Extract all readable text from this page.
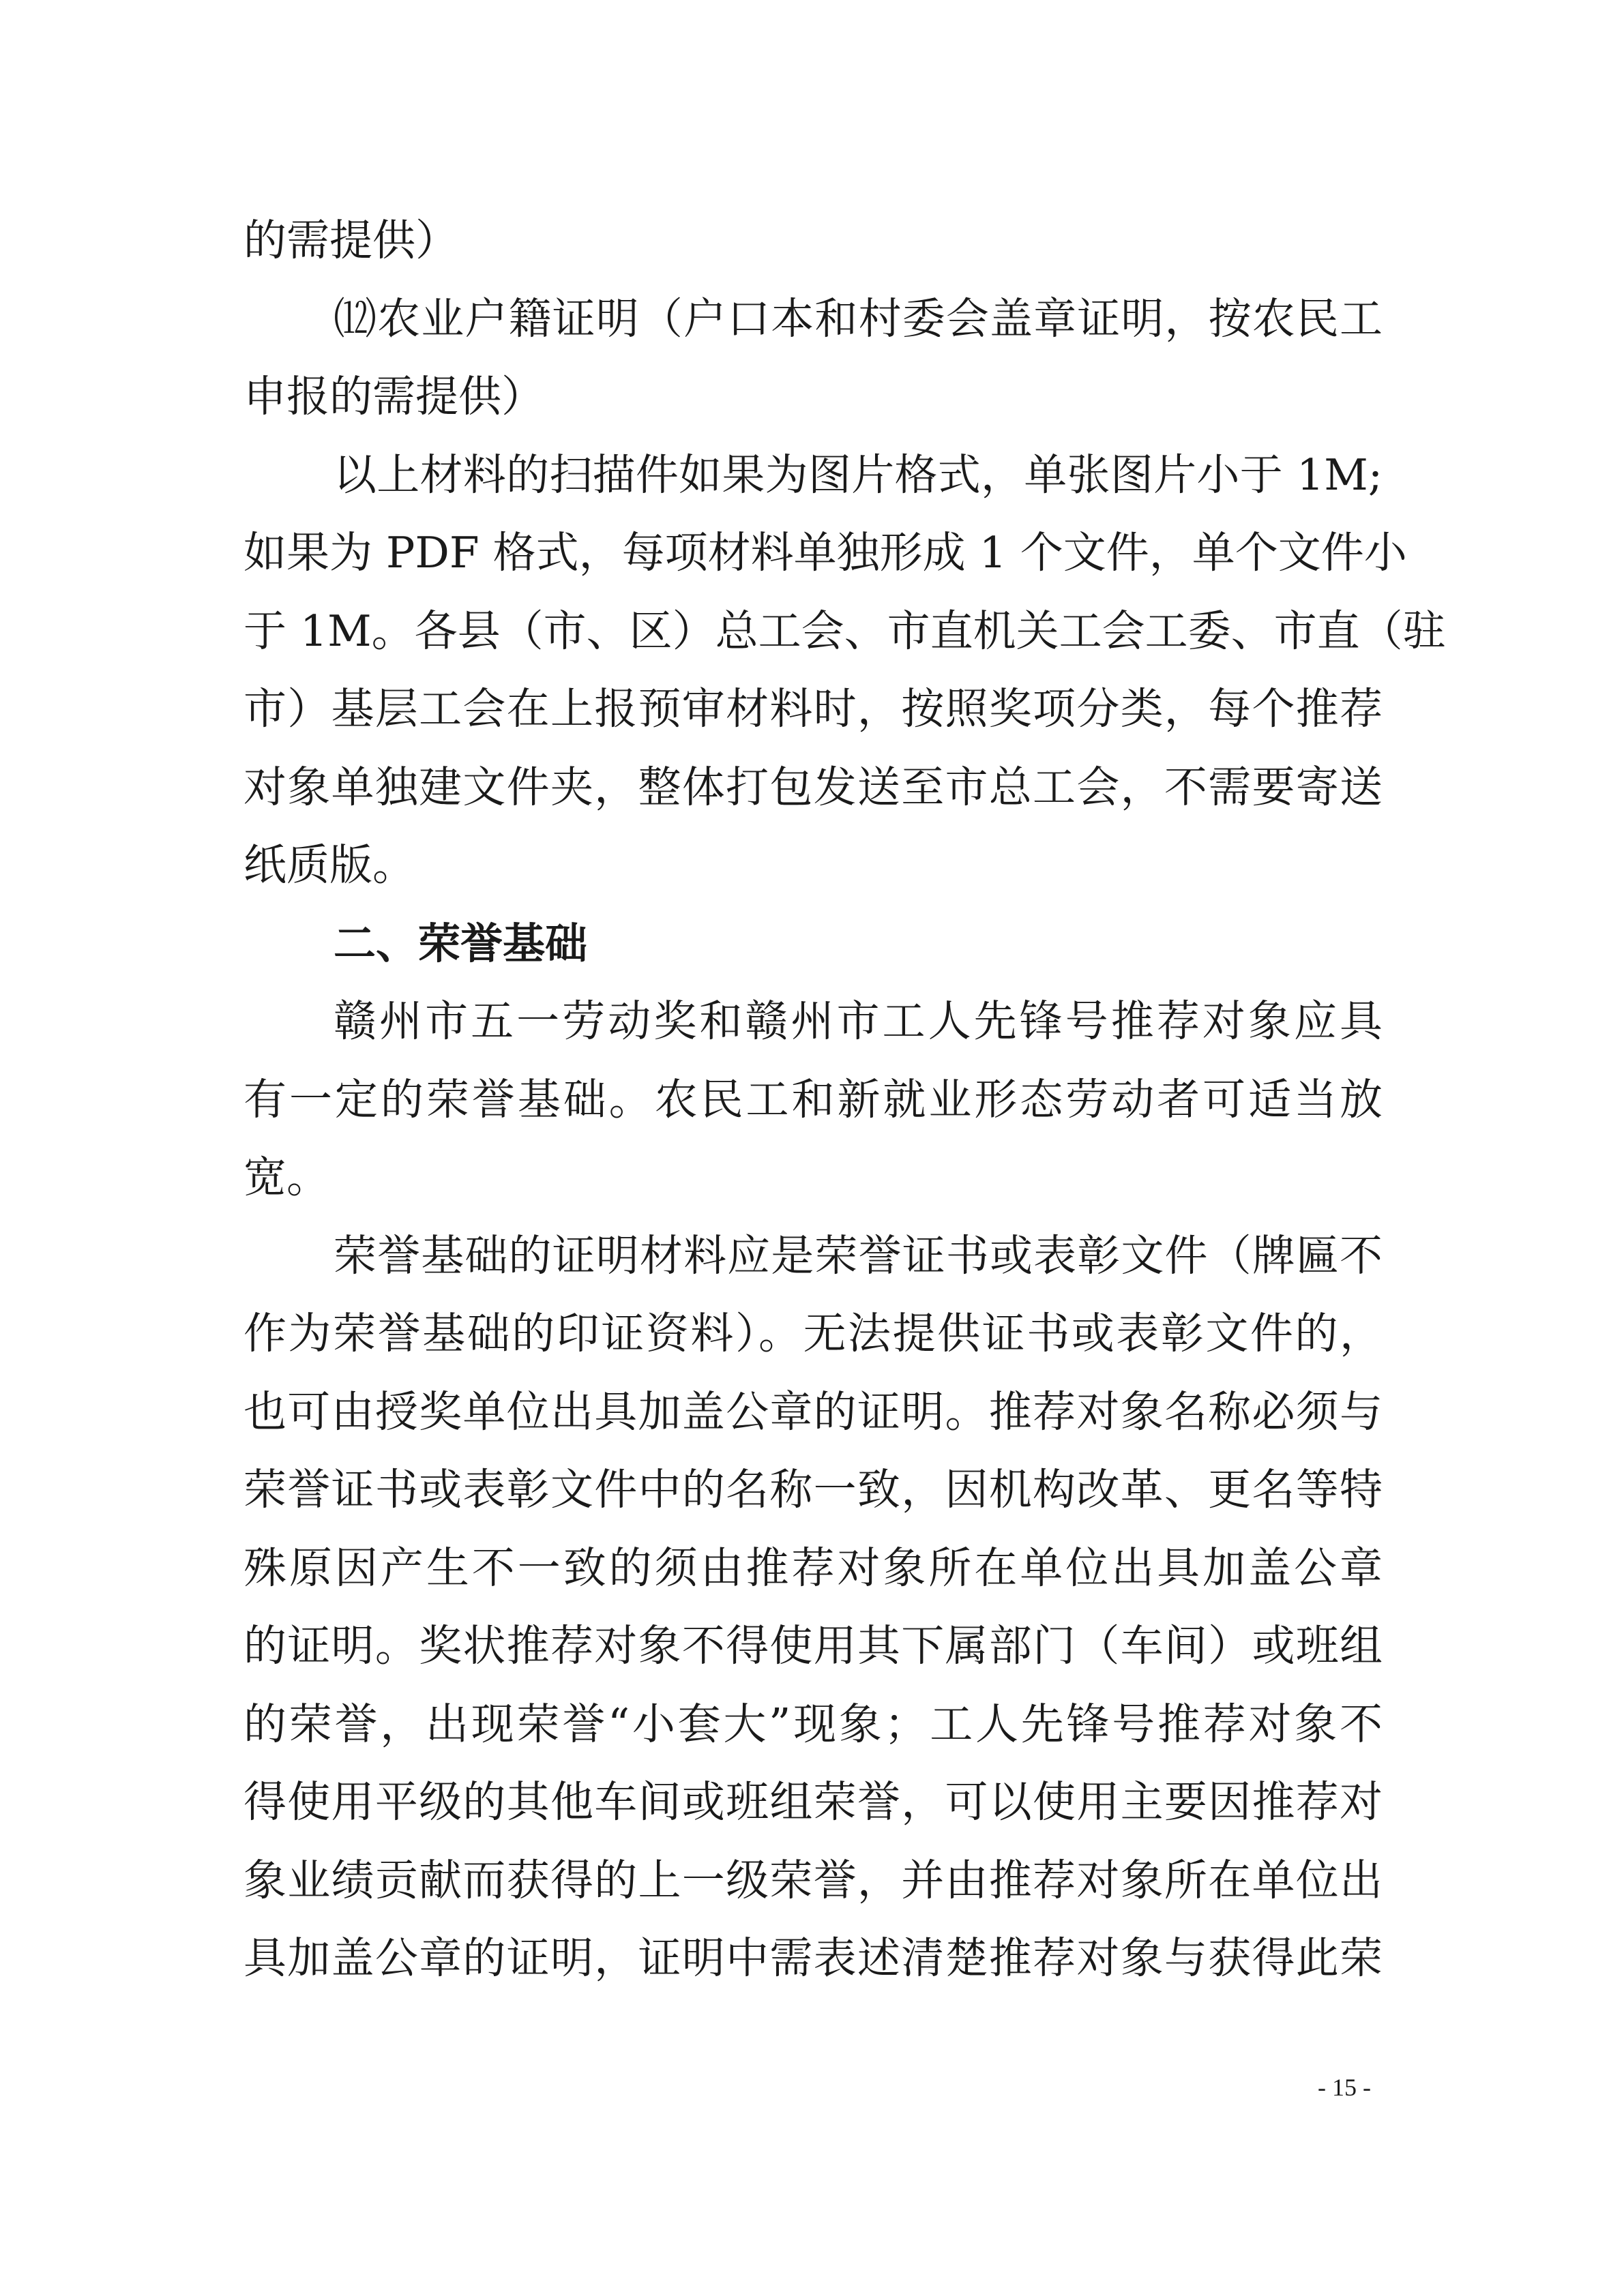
的需提供）
⑿农业户籍证明（户口本和村委会盖章证明，按农民工
申报的需提供）
以上材料的扫描件如果为图片格式，单张图片小于 1M;
如果为 PDF 格式，每项材料单独形成 1 个文件，单个文件小
于 1M。各县（市、区）总工会、市直机关工会工委、市直（驻
市）基层工会在上报预审材料时，按照奖项分类，每个推荐
对象单独建文件夹，整体打包发送至市总工会，不需要寄送
纸质版。
二、荣誉基础
赣州市五一劳动奖和赣州市工人先锋号推荐对象应具
有一定的荣誉基础。农民工和新就业形态劳动者可适当放
宽。
荣誉基础的证明材料应是荣誉证书或表彰文件（牌匾不
作为荣誉基础的印证资料）。无法提供证书或表彰文件的，
也可由授奖单位出具加盖公章的证明。推荐对象名称必须与
荣誉证书或表彰文件中的名称一致，因机构改革、更名等特
殊原因产生不一致的须由推荐对象所在单位出具加盖公章
的证明。奖状推荐对象不得使用其下属部门（车间）或班组
的荣誉，出现荣誉“小套大”现象；工人先锋号推荐对象不
得使用平级的其他车间或班组荣誉，可以使用主要因推荐对
象业绩贡献而获得的上一级荣誉，并由推荐对象所在单位出
具加盖公章的证明，证明中需表述清楚推荐对象与获得此荣
- 15 -
